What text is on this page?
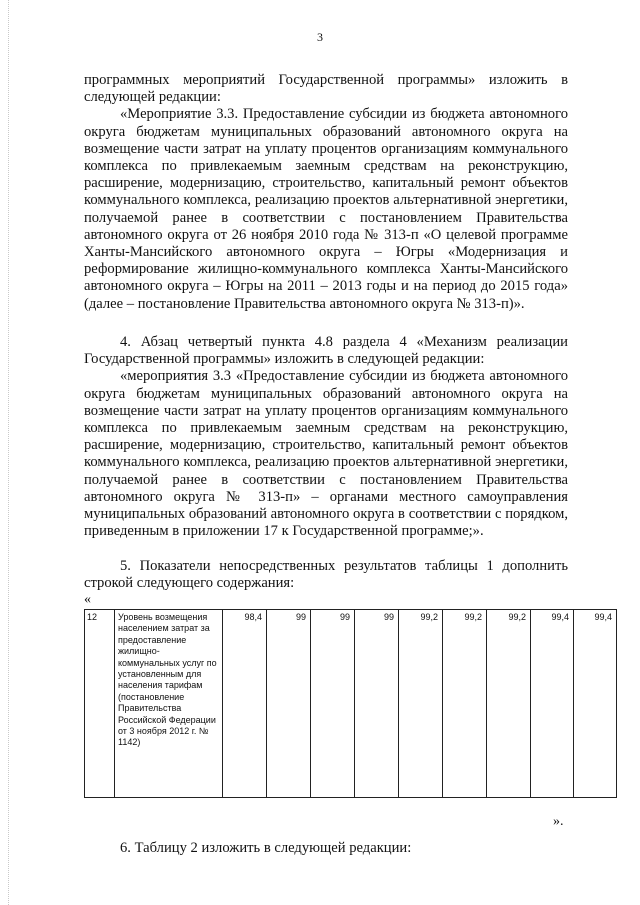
3

программных мероприятий Государственной программы» изложить в следующей редакции:

«Мероприятие 3.3. Предоставление субсидии из бюджета автономного округа бюджетам муниципальных образований автономного округа на возмещение части затрат на уплату процентов организациям коммунального комплекса по привлекаемым заемным средствам на реконструкцию, расширение, модернизацию, строительство, капитальный ремонт объектов коммунального комплекса, реализацию проектов альтернативной энергетики, получаемой ранее в соответствии с постановлением Правительства автономного округа от 26 ноября 2010 года № 313-п «О целевой программе Ханты-Мансийского автономного округа – Югры «Модернизация и реформирование жилищно-коммунального комплекса Ханты-Мансийского автономного округа – Югры на 2011 – 2013 годы и на период до 2015 года» (далее – постановление Правительства автономного округа № 313-п)».

4. Абзац четвертый пункта 4.8 раздела 4 «Механизм реализации Государственной программы» изложить в следующей редакции:

«мероприятия 3.3 «Предоставление субсидии из бюджета автономного округа бюджетам муниципальных образований автономного округа на возмещение части затрат на уплату процентов организациям коммунального комплекса по привлекаемым заемным средствам на реконструкцию, расширение, модернизацию, строительство, капитальный ремонт объектов коммунального комплекса, реализацию проектов альтернативной энергетики, получаемой ранее в соответствии с постановлением Правительства автономного округа № 313-п» – органами местного самоуправления муниципальных образований автономного округа в соответствии с порядком, приведенным в приложении 17 к Государственной программе;».

5. Показатели непосредственных результатов таблицы 1 дополнить строкой следующего содержания:

«
12	Уровень возмещения населением затрат за предоставление жилищно-коммунальных услуг по установленным для населения тарифам (постановление Правительства Российской Федерации от 3 ноября 2012 г. № 1142)	98,4	99	99	99	99,2	99,2	99,2	99,4	99,4
».
6. Таблицу 2 изложить в следующей редакции:
